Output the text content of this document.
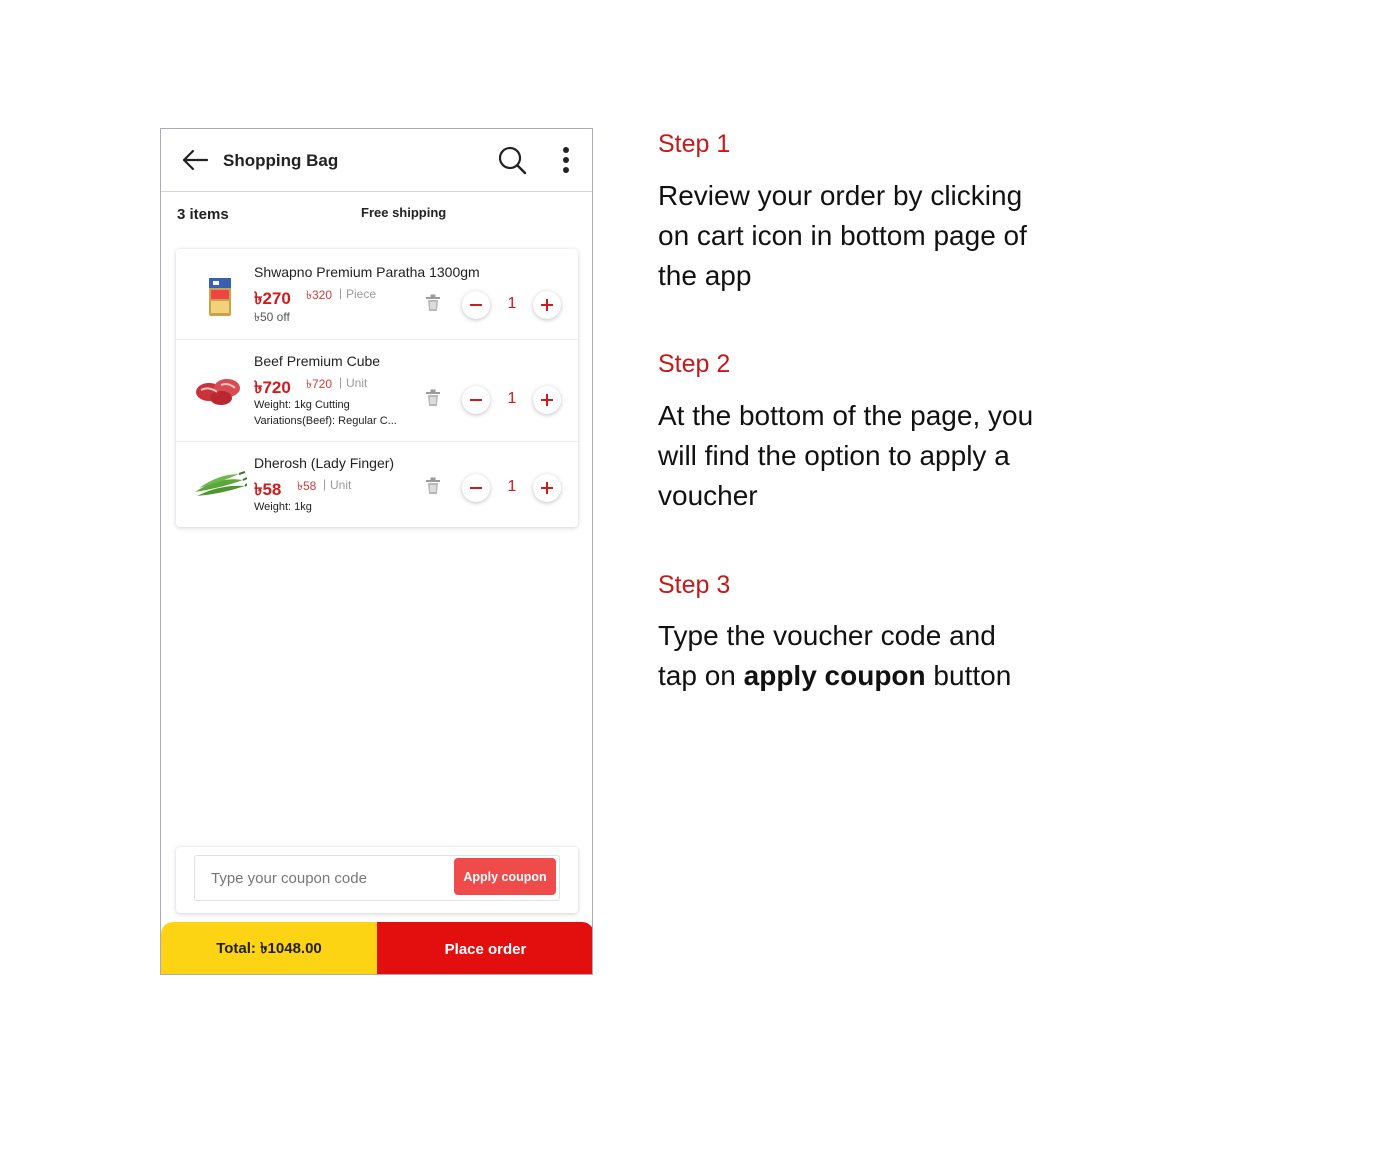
Shopping Bag
3 items	Free shipping
Shwapno Premium Paratha 1300gm
৳270 ৳320 | Piece
৳50 off
1
Beef Premium Cube
৳720 ৳720 | Unit
Weight: 1kg Cutting
Variations(Beef): Regular C...
1
Dherosh (Lady Finger)
৳58 ৳58 | Unit
Weight: 1kg
1
Type your coupon code
Apply coupon
Total: ৳1048.00	Place order
Step 1
Review your order by clicking
on cart icon in bottom page of
the app
Step 2
At the bottom of the page, you
will find the option to apply a
voucher
Step 3
Type the voucher code and
tap on apply coupon button
